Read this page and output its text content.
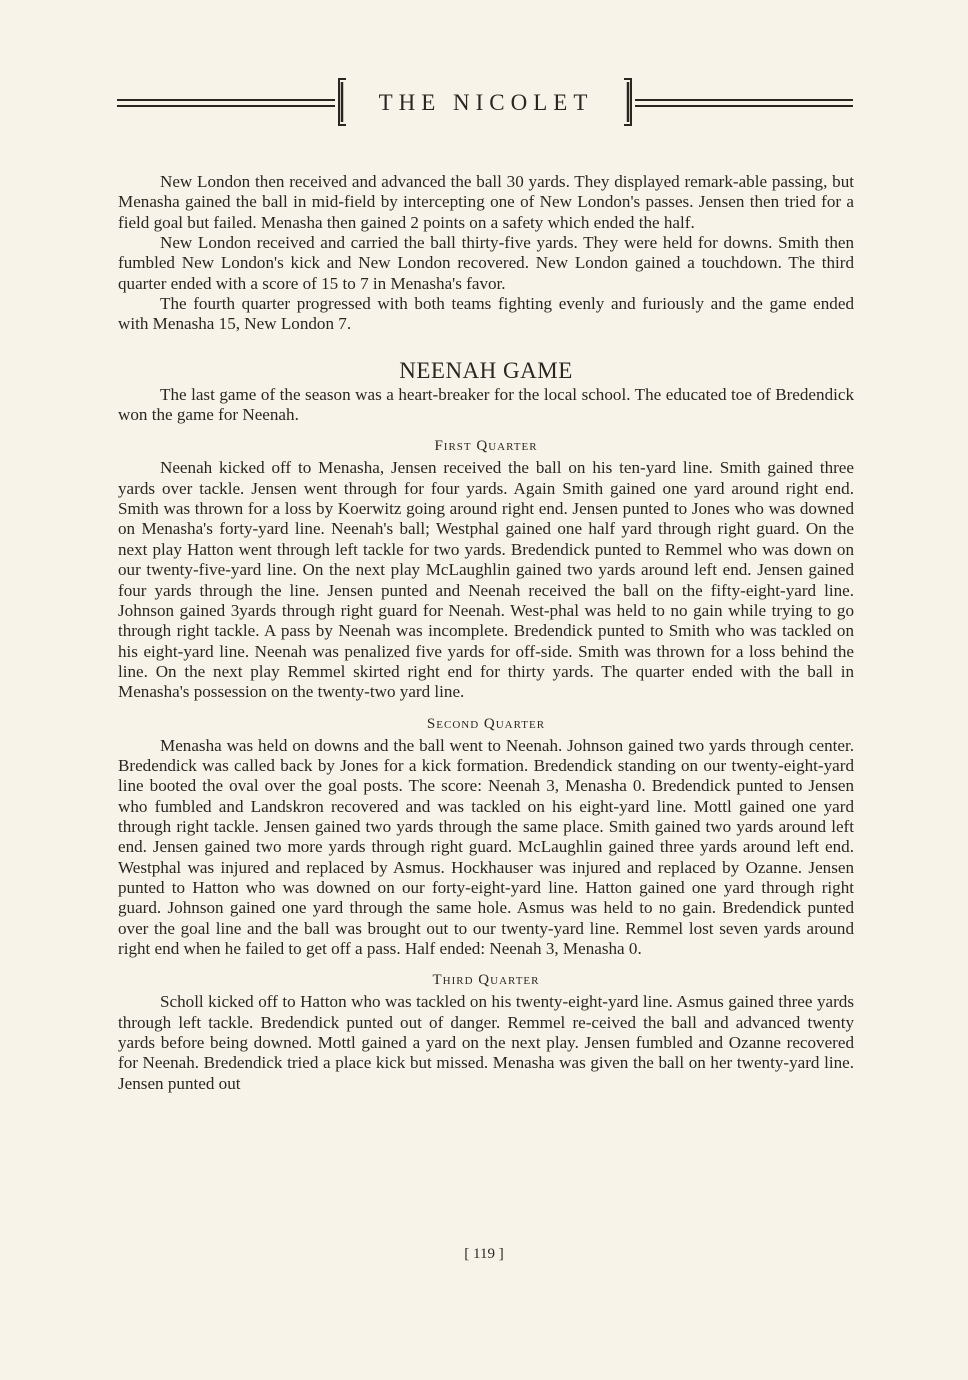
THE NICOLET

New London then received and advanced the ball 30 yards. They displayed remark-able passing, but Menasha gained the ball in mid-field by intercepting one of New London's passes. Jensen then tried for a field goal but failed. Menasha then gained 2 points on a safety which ended the half.

New London received and carried the ball thirty-five yards. They were held for downs. Smith then fumbled New London's kick and New London recovered. New London gained a touchdown. The third quarter ended with a score of 15 to 7 in Menasha's favor.

The fourth quarter progressed with both teams fighting evenly and furiously and the game ended with Menasha 15, New London 7.

NEENAH GAME

The last game of the season was a heart-breaker for the local school. The educated toe of Bredendick won the game for Neenah.

First Quarter

Neenah kicked off to Menasha, Jensen received the ball on his ten-yard line. Smith gained three yards over tackle. Jensen went through for four yards. Again Smith gained one yard around right end. Smith was thrown for a loss by Koerwitz going around right end. Jensen punted to Jones who was downed on Menasha's forty-yard line. Neenah's ball; Westphal gained one half yard through right guard. On the next play Hatton went through left tackle for two yards. Bredendick punted to Remmel who was down on our twenty-five-yard line. On the next play McLaughlin gained two yards around left end. Jensen gained four yards through the line. Jensen punted and Neenah received the ball on the fifty-eight-yard line. Johnson gained 3yards through right guard for Neenah. West-phal was held to no gain while trying to go through right tackle. A pass by Neenah was incomplete. Bredendick punted to Smith who was tackled on his eight-yard line. Neenah was penalized five yards for off-side. Smith was thrown for a loss behind the line. On the next play Remmel skirted right end for thirty yards. The quarter ended with the ball in Menasha's possession on the twenty-two yard line.

Second Quarter

Menasha was held on downs and the ball went to Neenah. Johnson gained two yards through center. Bredendick was called back by Jones for a kick formation. Bredendick standing on our twenty-eight-yard line booted the oval over the goal posts. The score: Neenah 3, Menasha 0. Bredendick punted to Jensen who fumbled and Landskron recovered and was tackled on his eight-yard line. Mottl gained one yard through right tackle. Jensen gained two yards through the same place. Smith gained two yards around left end. Jensen gained two more yards through right guard. McLaughlin gained three yards around left end. Westphal was injured and replaced by Asmus. Hockhauser was injured and replaced by Ozanne. Jensen punted to Hatton who was downed on our forty-eight-yard line. Hatton gained one yard through right guard. Johnson gained one yard through the same hole. Asmus was held to no gain. Bredendick punted over the goal line and the ball was brought out to our twenty-yard line. Remmel lost seven yards around right end when he failed to get off a pass. Half ended: Neenah 3, Menasha 0.

Third Quarter

Scholl kicked off to Hatton who was tackled on his twenty-eight-yard line. Asmus gained three yards through left tackle. Bredendick punted out of danger. Remmel re-ceived the ball and advanced twenty yards before being downed. Mottl gained a yard on the next play. Jensen fumbled and Ozanne recovered for Neenah. Bredendick tried a place kick but missed. Menasha was given the ball on her twenty-yard line. Jensen punted out

[ 119 ]
